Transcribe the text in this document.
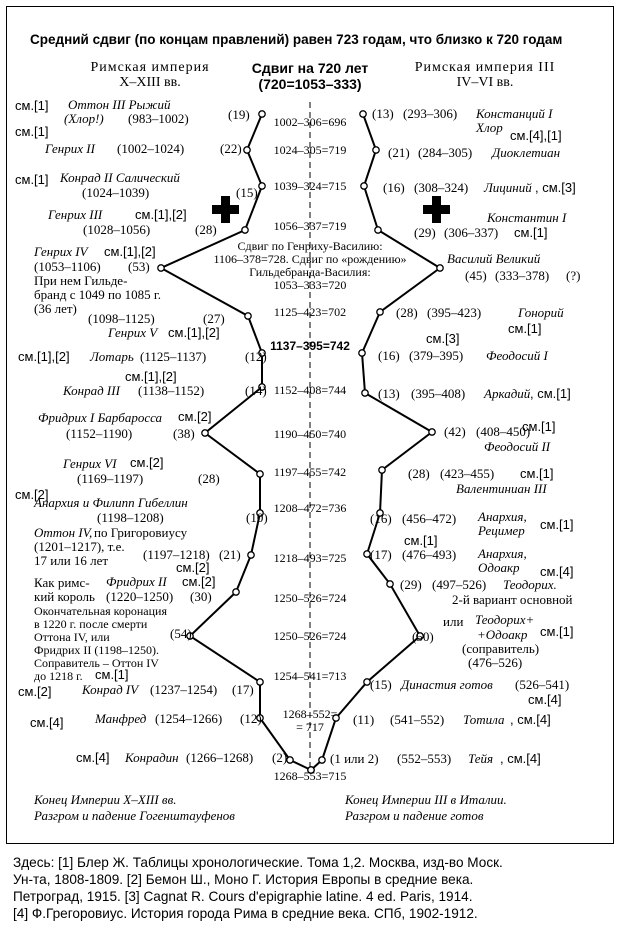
Средний сдвиг (по концам правлений) равен 723 годам, что близко к 720 годам
Римская империя
X–XIII вв.
Сдвиг на 720 лет
(720=1053–333)
Римская империя III
IV–VI вв.
1002–306=696
1024–305=719
1039–324=715
1056–337=719
Сдвиг по Генриху-Василию:
1106–378=728. Сдвиг по «рождению»
Гильдебранда-Василия:
1053–333=720
1125–423=702
1137–395=742
1152–408=744
1190–450=740
1197–455=742
1208–472=736
1218–493=725
1250–526=724
1250–526=724
1254–541=713
1268–552=
= 717
1268–553=715
см.[1] Оттон III Рыжий
(Хлор!) (983–1002)	(19)
см.[1]
Генрих II (1002–1024)	(22)
см.[1] Конрад II Салический
(1024–1039)	(15)
Генрих III	см.[1],[2]
(1028–1056)	(28)
Генрих IV см.[1],[2]
(1053–1106) (53)
При нем Гильде-
бранд с 1049 по 1085 г.
(36 лет)
(1098–1125)	(27)
Генрих V см.[1],[2]
см.[1],[2] Лотарь (1125–1137)	(12)
см.[1],[2]
Конрад III (1138–1152)	(14)
Фридрих I Барбаросса см.[2]
(1152–1190)	(38)
Генрих VI см.[2]
(1169–1197)	(28)
см.[2]
Анархия и Филипп Гибеллин
(1198–1208)	(10)
Оттон IV, по Григоровиусу
(1201–1217), т.е.
(1197–1218) (21)
17 или 16 лет	см.[2]
Как римс-
кий король
Фридрих II см.[2]
(1220–1250) (30)
Окончательная коронация
в 1220 г. после смерти
Оттона IV, или
Фридрих II (1198–1250).
Соправитель – Оттон IV
до 1218 г.
(54)
см.[1]
см.[2] Конрад IV (1237–1254) (17)
см.[4] Манфред (1254–1266) (12)
см.[4] Конрадин (1266–1268) (2)
(13) (293–306) Констанций I
Хлор
см.[4],[1]
(21) (284–305) Диоклетиан
(16) (308–324) Лициний , см.[3]
Константин I
(29) (306–337) см.[1]
Василий Великий
(45) (333–378) (?)
(28) (395–423)	Гонорий
см.[1]
см.[3]
(16) (379–395) Феодосий I
(13) (395–408) Аркадий , см.[1]
см.[1]
(42) (408–450)
Феодосий II
(28) (423–455) см.[1]
Валентиниан III
(16) (456–472) Анархия,
Рецимер см.[1]
см.[1]
(17) (476–493) Анархия,
Одоакр см.[4]
(29) (497–526) Теодорих.
2-й вариант основной
или Теодорих+
+Одоакр
(50)	см.[1]
(соправитель)
(476–526)
(15) Династия готов (526–541)
см.[4]
(11) (541–552) Тотила , см.[4]
(1 или 2) (552–553) Тейя , см.[4]
Конец Империи X–XIII вв.
Разгром и падение Гогенштауфенов
Конец Империи III в Италии.
Разгром и падение готов
Здесь: [1] Блер Ж. Таблицы хронологические. Тома 1,2. Москва, изд-во Моск.
Ун-та, 1808-1809. [2] Бемон Ш., Моно Г. История Европы в средние века.
Петроград, 1915. [3] Cagnat R. Cours d'epigraphie latine. 4 ed. Paris, 1914.
[4] Ф.Грегоровиус. История города Рима в средние века. СПб, 1902-1912.
